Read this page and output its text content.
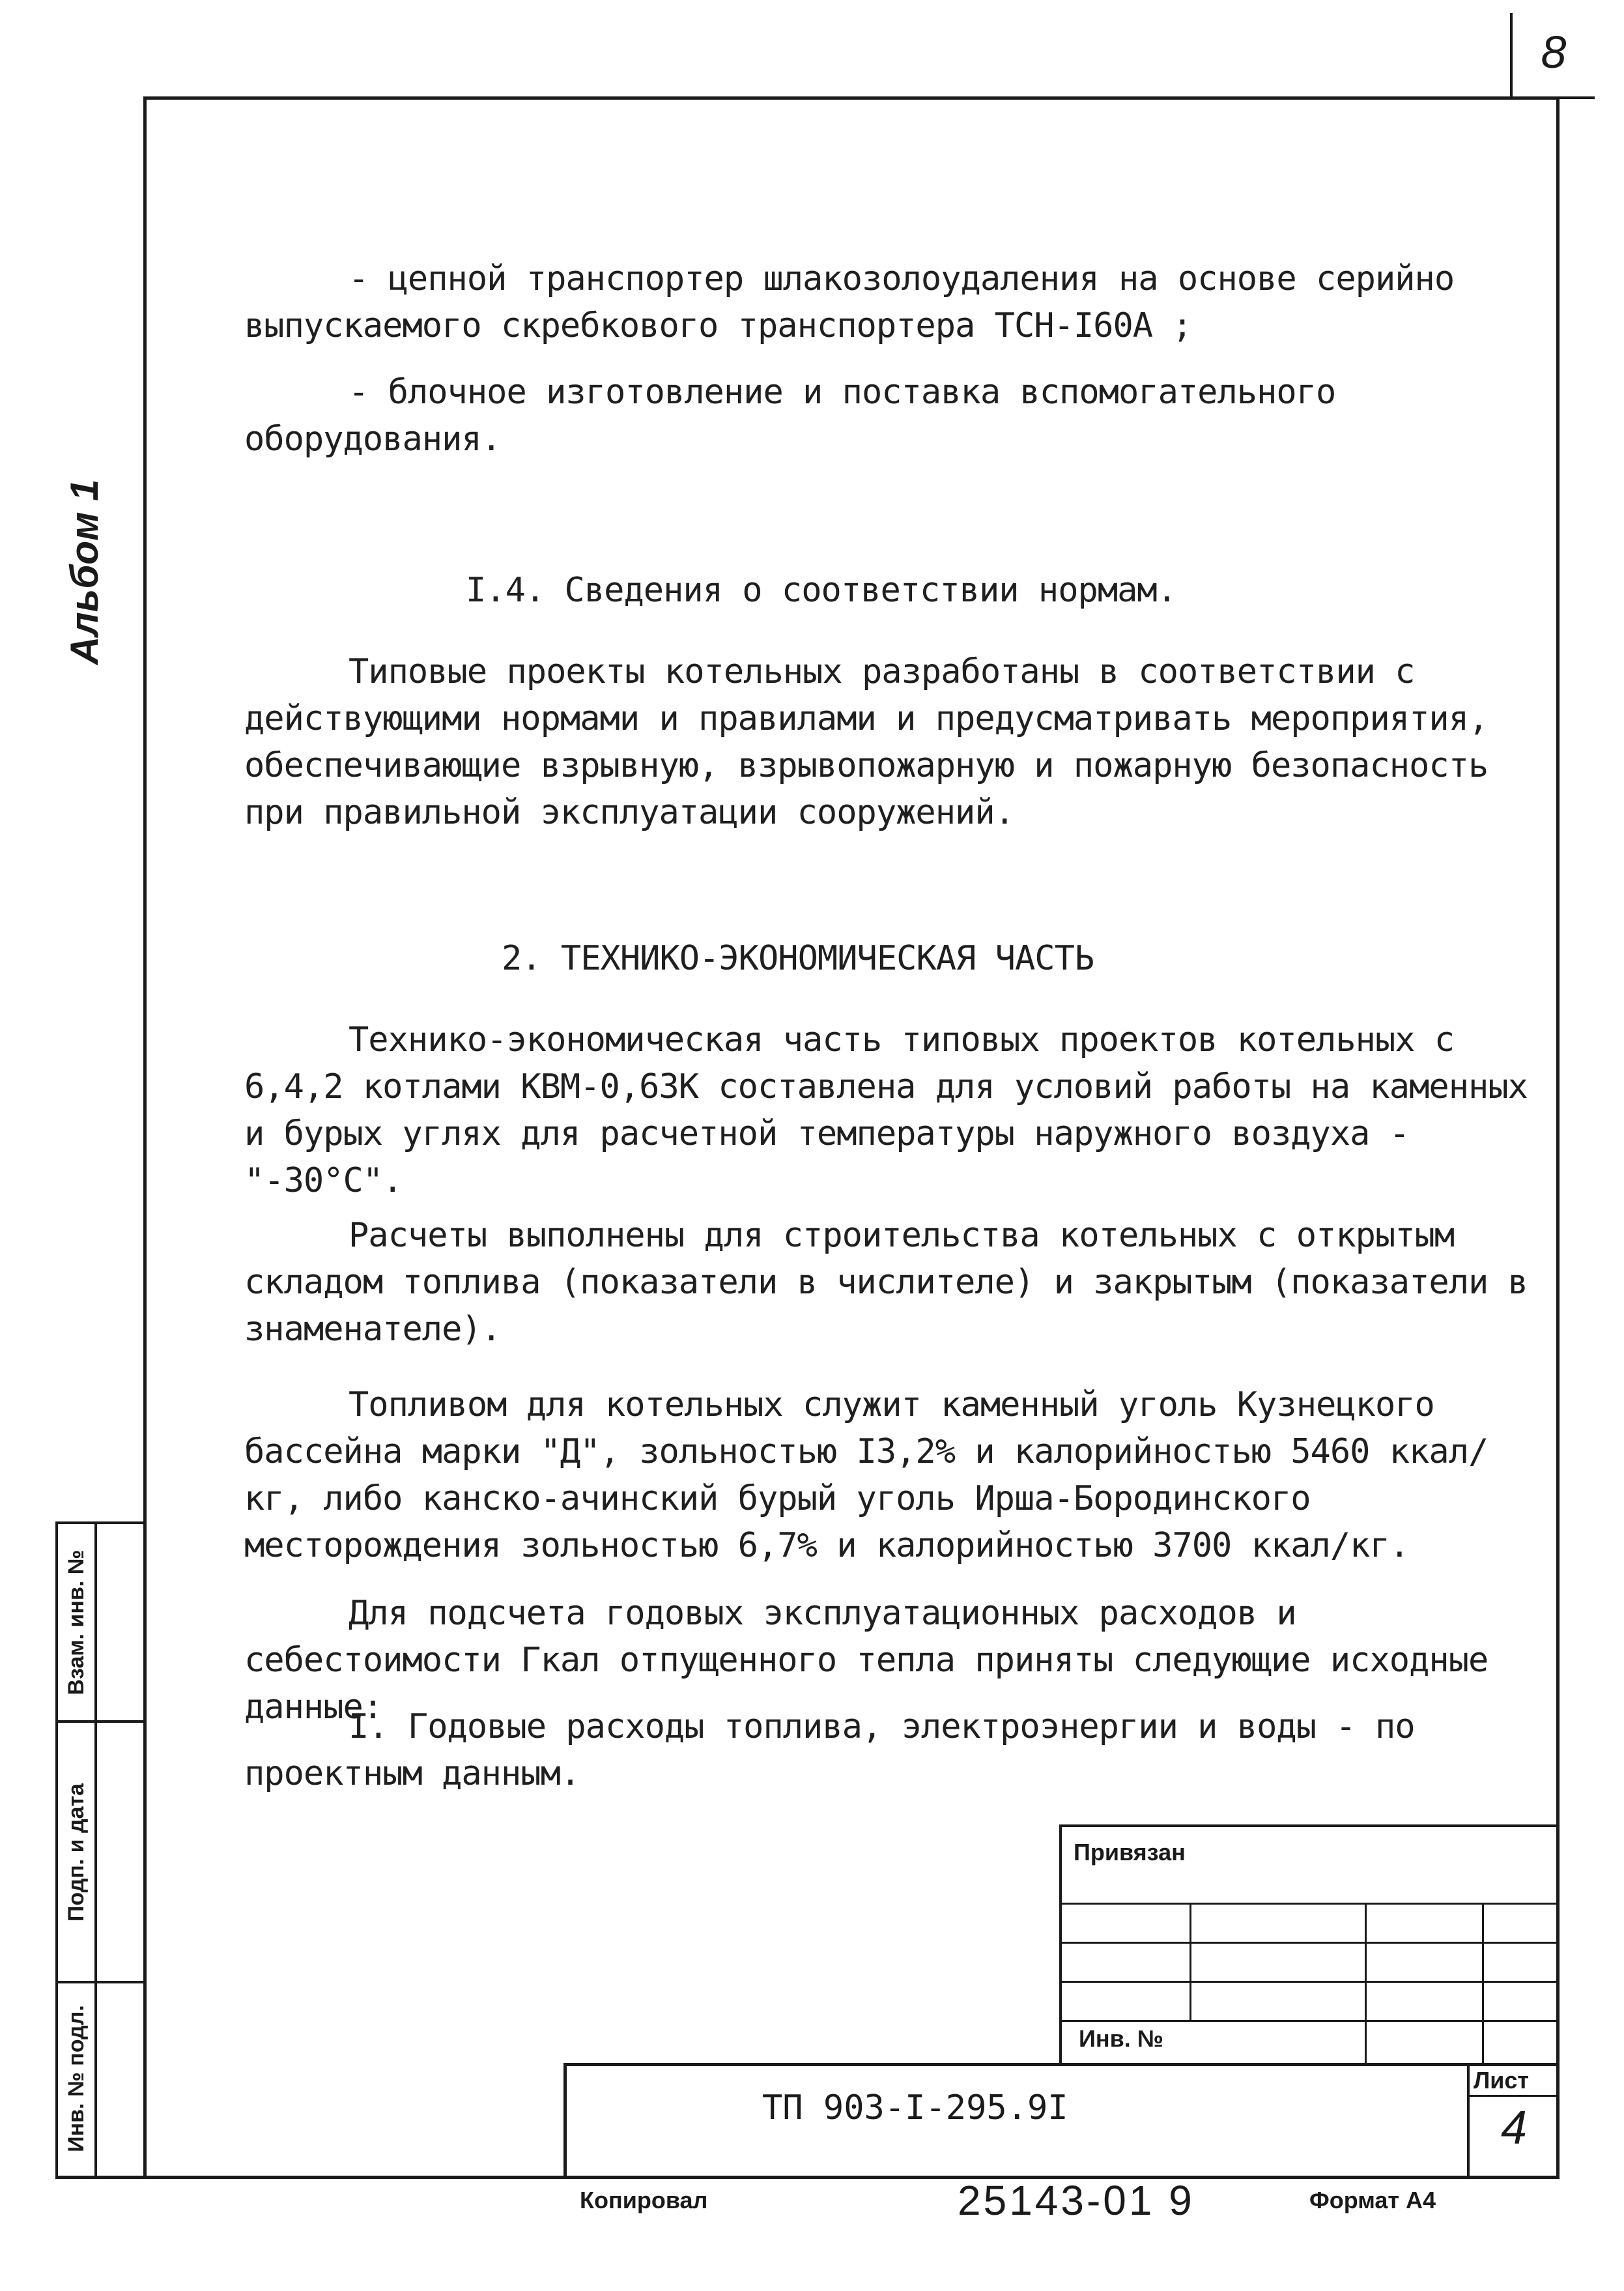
8
Альбом 1
Взам. инв. №
Подп. и дата
Инв. № подл.
- цепной транспортер шлакозолоудаления на основе серийно выпускаемого скребкового транспортера ТСН-I60А ;
- блочное изготовление и поставка вспомогательного оборудования.
I.4. Сведения о соответствии нормам.
Типовые проекты котельных разработаны в соответствии с действующими нормами и правилами и предусматривать мероприятия, обеспечивающие взрывную, взрывопожарную и пожарную безопасность при правильной эксплуатации сооружений.
2. ТЕХНИКО-ЭКОНОМИЧЕСКАЯ ЧАСТЬ
Технико-экономическая часть типовых проектов котельных с 6,4,2 котлами КВМ-0,63К составлена для условий работы на каменных и бурых углях для расчетной температуры наружного воздуха - "-30°С".
Расчеты выполнены для строительства котельных с открытым складом топлива (показатели в числителе) и закрытым (показатели в знаменателе).
Топливом для котельных служит каменный уголь Кузнецкого бассейна марки "Д", зольностью I3,2% и калорийностью 5460 ккал/кг, либо канско-ачинский бурый уголь Ирша-Бородинского месторождения зольностью 6,7% и калорийностью 3700 ккал/кг.
Для подсчета годовых эксплуатационных расходов и себестоимости Гкал отпущенного тепла приняты следующие исходные данные:
I. Годовые расходы топлива, электроэнергии и воды - по проектным данным.
Привязан
Инв. №
ТП 903-I-295.9I
Лист
4
Копировал	25143-01 9	Формат А4
